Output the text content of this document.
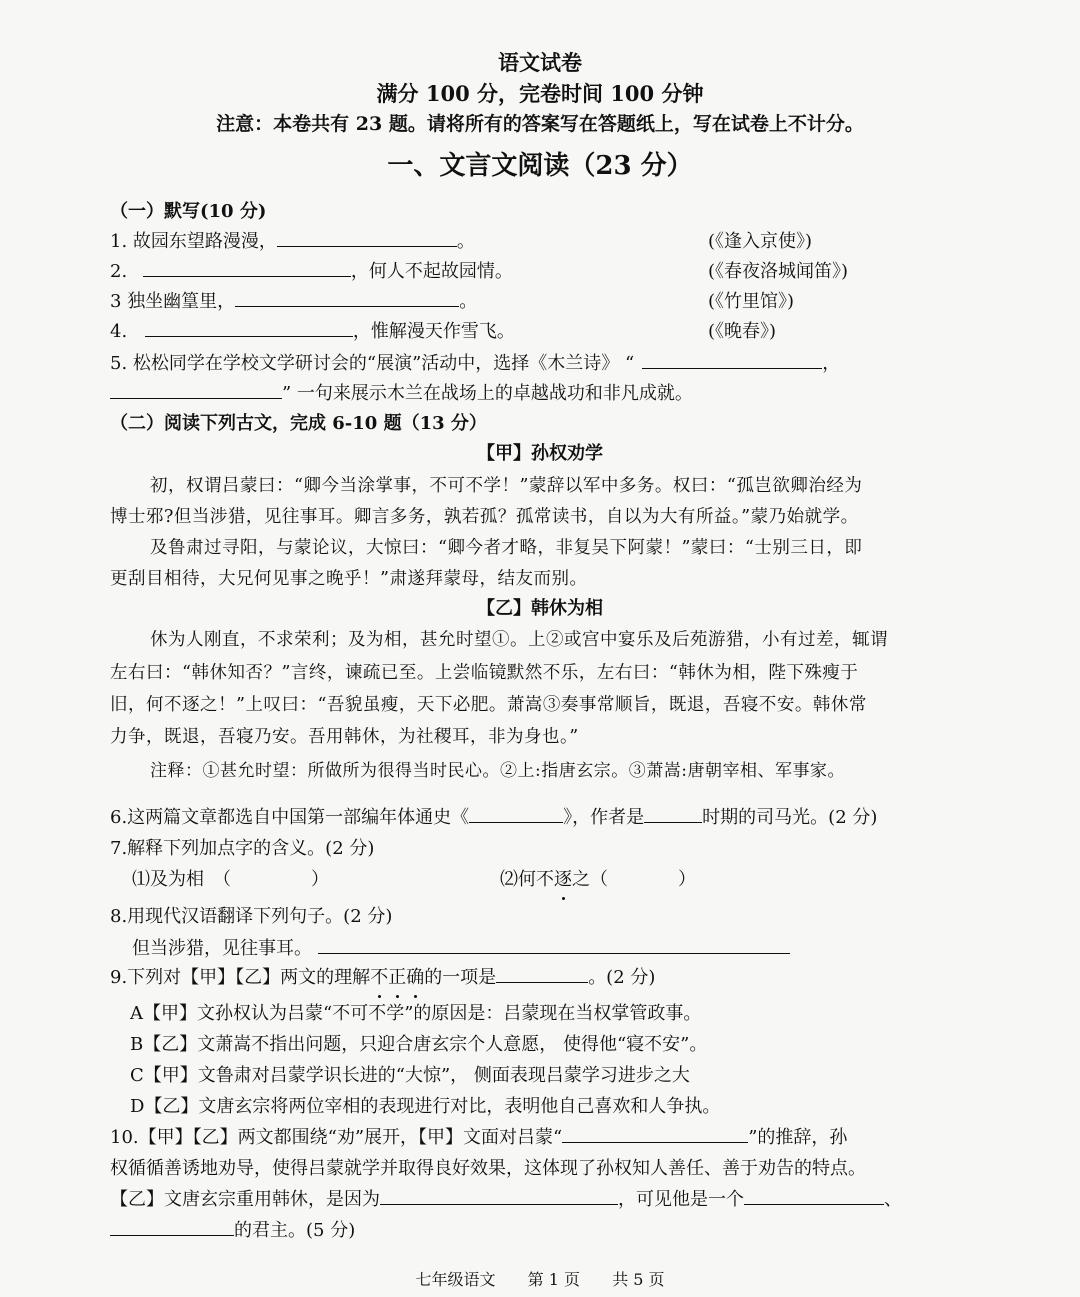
语文试卷
满分 100 分，完卷时间 100 分钟
注意：本卷共有 23 题。请将所有的答案写在答题纸上，写在试卷上不计分。
一、文言文阅读（23 分）
（一）默写(10 分)
1. 故园东望路漫漫，	。	(《逢入京使》)
2.	，何人不起故园情。	(《春夜洛城闻笛》)
3 独坐幽篁里，	。	(《竹里馆》)
4.	，惟解漫天作雪飞。	(《晚春》)
5. 松松同学在学校文学研讨会的“展演”活动中，选择《木兰诗》 “	，
” 一句来展示木兰在战场上的卓越战功和非凡成就。
（二）阅读下列古文，完成 6-10 题（13 分）
【甲】孙权劝学
初，权谓吕蒙曰：“卿今当涂掌事，不可不学！”蒙辞以军中多务。权曰：“孤岂欲卿治经为
博士邪?但当涉猎，见往事耳。卿言多务，孰若孤？孤常读书，自以为大有所益。”蒙乃始就学。
及鲁肃过寻阳，与蒙论议，大惊曰：“卿今者才略，非复吴下阿蒙！”蒙曰：“士别三日，即
更刮目相待，大兄何见事之晚乎！”肃遂拜蒙母，结友而别。
【乙】韩休为相
休为人刚直，不求荣利；及为相，甚允时望①。上②或宫中宴乐及后苑游猎，小有过差，辄谓
左右曰：“韩休知否？”言终，谏疏已至。上尝临镜默然不乐，左右曰：“韩休为相，陛下殊瘦于
旧，何不逐之！”上叹曰：“吾貌虽瘦，天下必肥。萧嵩③奏事常顺旨，既退，吾寝不安。韩休常
力争，既退，吾寝乃安。吾用韩休，为社稷耳，非为身也。”
注释：①甚允时望：所做所为很得当时民心。②上:指唐玄宗。③萧嵩:唐朝宰相、军事家。
6.这两篇文章都选自中国第一部编年体通史《	》，作者是	时期的司马光。(2 分)
7.解释下列加点字的含义。(2 分)
⑴及为相　（	）	⑵何不逐之（	）
8.用现代汉语翻译下列句子。(2 分)
但当涉猎，见往事耳。
9.下列对【甲】【乙】两文的理解不正确的一项是	。(2 分)
A【甲】文孙权认为吕蒙“不可不学”的原因是：吕蒙现在当权掌管政事。
B【乙】文萧嵩不指出问题，只迎合唐玄宗个人意愿， 使得他“寝不安”。
C【甲】文鲁肃对吕蒙学识长进的“大惊”， 侧面表现吕蒙学习进步之大
D【乙】文唐玄宗将两位宰相的表现进行对比，表明他自己喜欢和人争执。
10.【甲】【乙】两文都围绕“劝”展开，【甲】文面对吕蒙“	”的推辞，孙
权循循善诱地劝导，使得吕蒙就学并取得良好效果，这体现了孙权知人善任、善于劝告的特点。
【乙】文唐玄宗重用韩休，是因为	，可见他是一个	、
的君主。(5 分)
七年级语文 第 1 页 共 5 页
